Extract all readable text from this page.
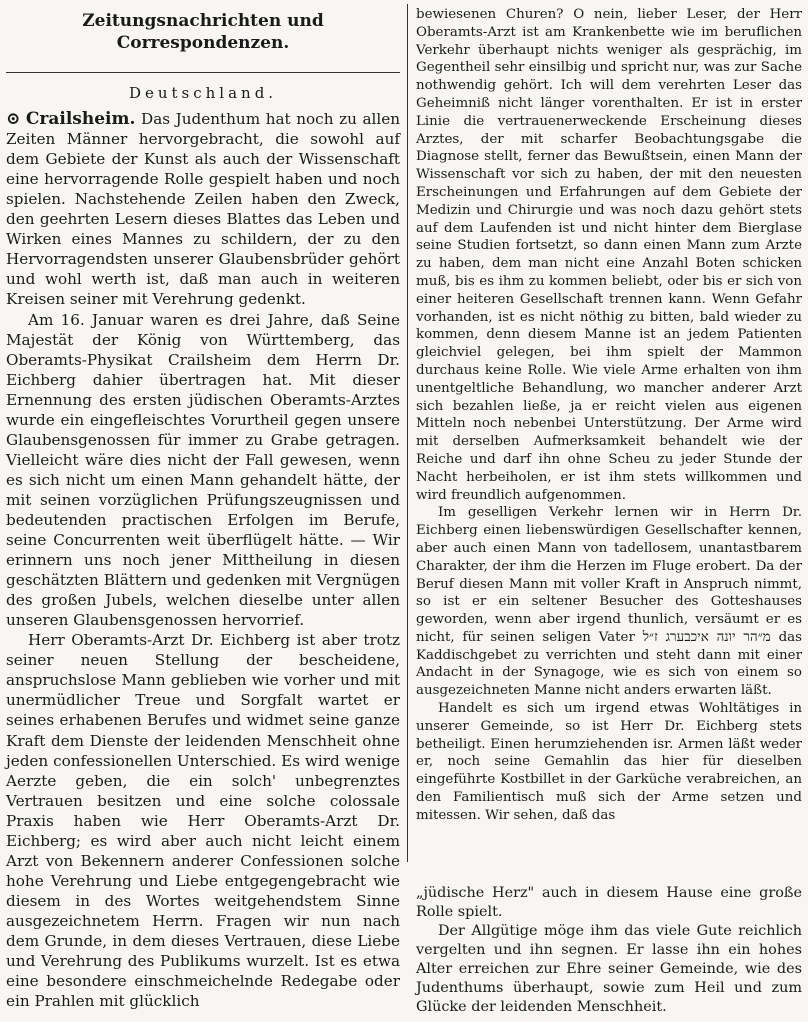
Zeitungsnachrichten und Correspondenzen.
Deutschland.

⊙ Crailsheim. Das Judenthum hat noch zu allen Zeiten Männer hervorgebracht, die sowohl auf dem Gebiete der Kunst als auch der Wissenschaft eine hervorragende Rolle gespielt haben und noch spielen. Nachstehende Zeilen haben den Zweck, den geehrten Lesern dieses Blattes das Leben und Wirken eines Mannes zu schildern, der zu den Hervorragendsten unserer Glaubensbrüder gehört und wohl werth ist, daß man auch in weiteren Kreisen seiner mit Verehrung gedenkt.

Am 16. Januar waren es drei Jahre, daß Seine Majestät der König von Württemberg, das Oberamts-Physikat Crailsheim dem Herrn Dr. Eichberg dahier übertragen hat. Mit dieser Ernennung des ersten jüdischen Oberamts-Arztes wurde ein eingefleischtes Vorurtheil gegen unsere Glaubensgenossen für immer zu Grabe getragen. Vielleicht wäre dies nicht der Fall gewesen, wenn es sich nicht um einen Mann gehandelt hätte, der mit seinen vorzüglichen Prüfungszeugnissen und bedeutenden practischen Erfolgen im Berufe, seine Concurrenten weit überflügelt hätte. — Wir erinnern uns noch jener Mittheilung in diesen geschätzten Blättern und gedenken mit Vergnügen des großen Jubels, welchen dieselbe unter allen unseren Glaubensgenossen hervorrief.

Herr Oberamts-Arzt Dr. Eichberg ist aber trotz seiner neuen Stellung der bescheidene, anspruchslose Mann geblieben wie vorher und mit unermüdlicher Treue und Sorgfalt wartet er seines erhabenen Berufes und widmet seine ganze Kraft dem Dienste der leidenden Menschheit ohne jeden confessionellen Unterschied. Es wird wenige Aerzte geben, die ein solch' unbegrenztes Vertrauen besitzen und eine solche colossale Praxis haben wie Herr Oberamts-Arzt Dr. Eichberg; es wird aber auch nicht leicht einem Arzt von Bekennern anderer Confessionen solche hohe Verehrung und Liebe entgegengebracht wie diesem in des Wortes weitgehendstem Sinne ausgezeichnetem Herrn. Fragen wir nun nach dem Grunde, in dem dieses Vertrauen, diese Liebe und Verehrung des Publikums wurzelt. Ist es etwa eine besondere einschmeichelnde Redegabe oder ein Prahlen mit glücklich

bewiesenen Churen? O nein, lieber Leser, der Herr Oberamts-Arzt ist am Krankenbette wie im beruflichen Verkehr überhaupt nichts weniger als gesprächig, im Gegentheil sehr einsilbig und spricht nur, was zur Sache nothwendig gehört. Ich will dem verehrten Leser das Geheimniß nicht länger vorenthalten. Er ist in erster Linie die vertrauenerweckende Erscheinung dieses Arztes, der mit scharfer Beobachtungsgabe die Diagnose stellt, ferner das Bewußtsein, einen Mann der Wissenschaft vor sich zu haben, der mit den neuesten Erscheinungen und Erfahrungen auf dem Gebiete der Medizin und Chirurgie und was noch dazu gehört stets auf dem Laufenden ist und nicht hinter dem Bierglase seine Studien fortsetzt, so dann einen Mann zum Arzte zu haben, dem man nicht eine Anzahl Boten schicken muß, bis es ihm zu kommen beliebt, oder bis er sich von einer heiteren Gesellschaft trennen kann. Wenn Gefahr vorhanden, ist es nicht nöthig zu bitten, bald wieder zu kommen, denn diesem Manne ist an jedem Patienten gleichviel gelegen, bei ihm spielt der Mammon durchaus keine Rolle. Wie viele Arme erhalten von ihm unentgeltliche Behandlung, wo mancher anderer Arzt sich bezahlen ließe, ja er reicht vielen aus eigenen Mitteln noch nebenbei Unterstützung. Der Arme wird mit derselben Aufmerksamkeit behandelt wie der Reiche und darf ihn ohne Scheu zu jeder Stunde der Nacht herbeiholen, er ist ihm stets willkommen und wird freundlich aufgenommen.

Im geselligen Verkehr lernen wir in Herrn Dr. Eichberg einen liebenswürdigen Gesellschafter kennen, aber auch einen Mann von tadellosem, unantastbarem Charakter, der ihm die Herzen im Fluge erobert. Da der Beruf diesen Mann mit voller Kraft in Anspruch nimmt, so ist er ein seltener Besucher des Gotteshauses geworden, wenn aber irgend thunlich, versäumt er es nicht, für seinen seligen Vater מ״הר יונה איכבערג ז״ל das Kaddischgebet zu verrichten und steht dann mit einer Andacht in der Synagoge, wie es sich von einem so ausgezeichneten Manne nicht anders erwarten läßt.

Handelt es sich um irgend etwas Wohltätiges in unserer Gemeinde, so ist Herr Dr. Eichberg stets betheiligt. Einen herumziehenden isr. Armen läßt weder er, noch seine Gemahlin das hier für dieselben eingeführte Kostbillet in der Garküche verabreichen, an den Familientisch muß sich der Arme setzen und mitessen. Wir sehen, daß das

„jüdische Herz" auch in diesem Hause eine große Rolle spielt.

Der Allgütige möge ihm das viele Gute reichlich vergelten und ihn segnen. Er lasse ihn ein hohes Alter erreichen zur Ehre seiner Gemeinde, wie des Judenthums überhaupt, sowie zum Heil und zum Glücke der leidenden Menschheit.
